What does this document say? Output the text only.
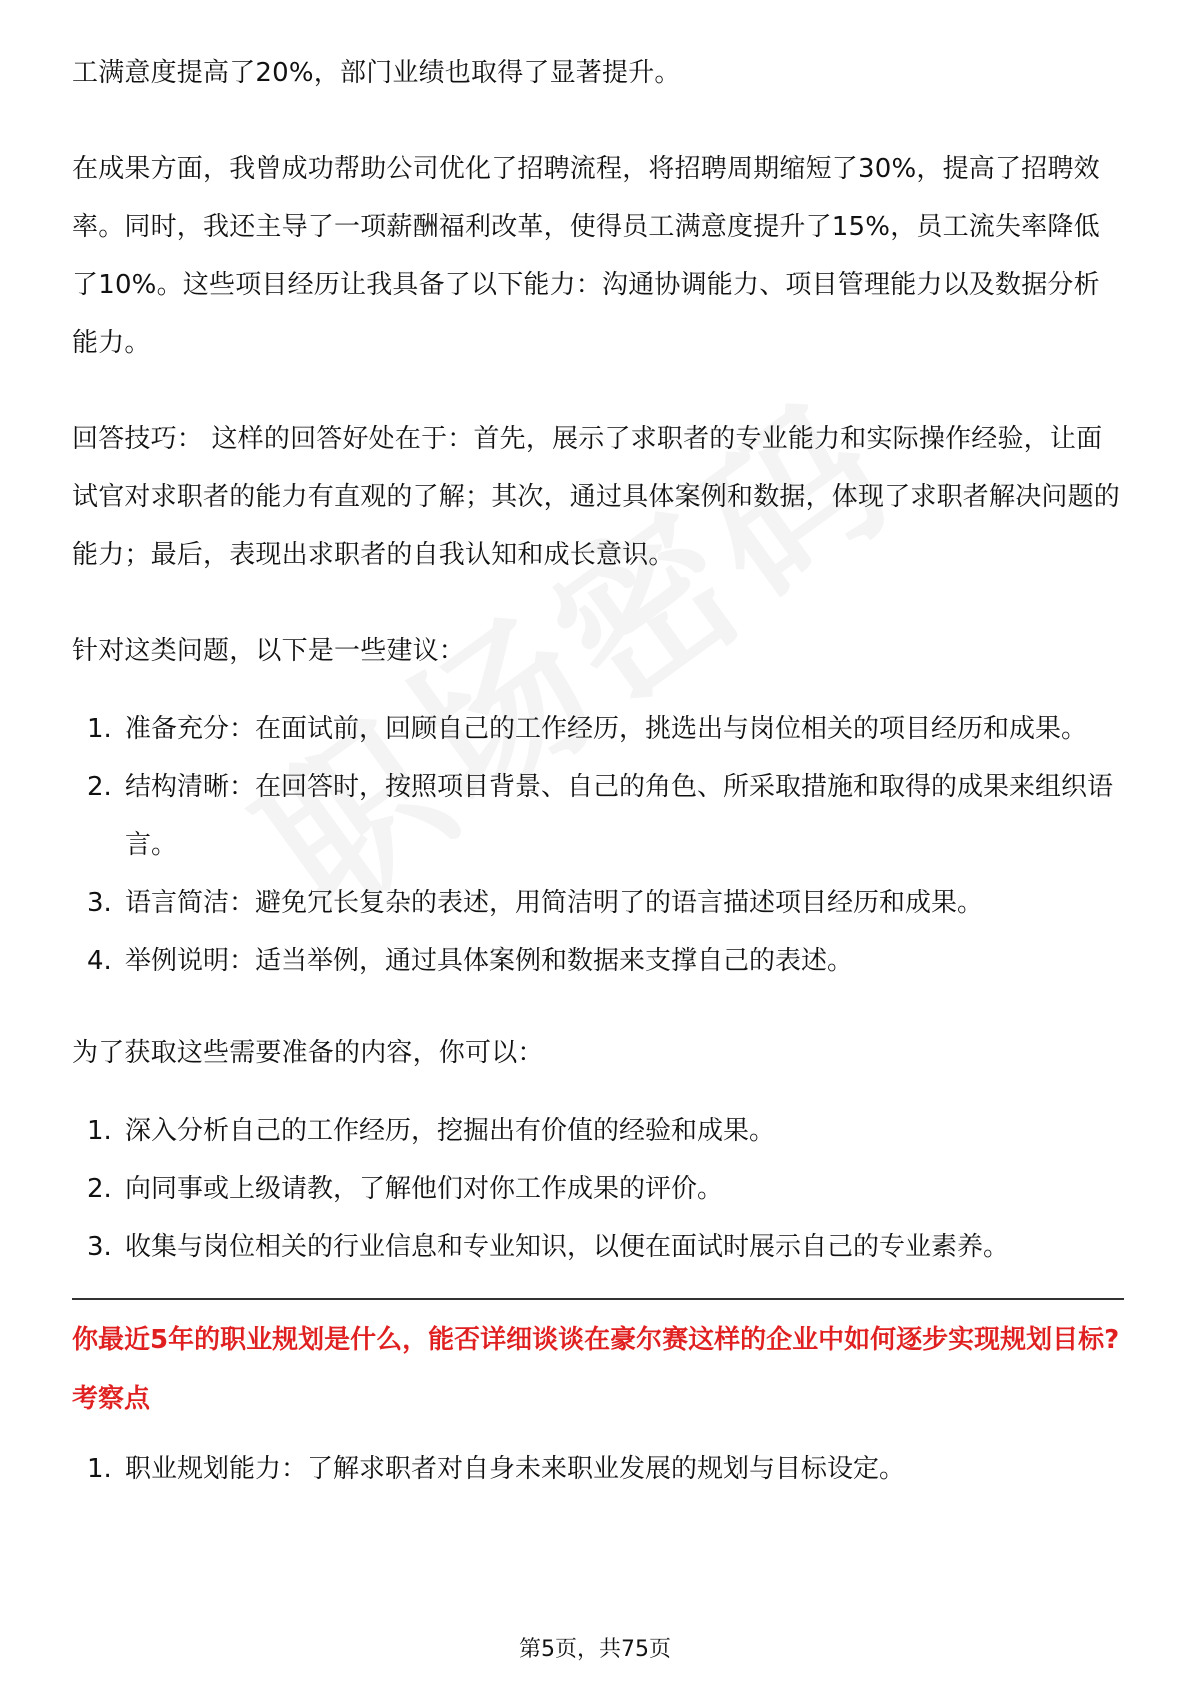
工满意度提高了20%，部门业绩也取得了显著提升。

在成果方面，我曾成功帮助公司优化了招聘流程，将招聘周期缩短了30%，提高了招聘效率。同时，我还主导了一项薪酬福利改革，使得员工满意度提升了15%，员工流失率降低了10%。这些项目经历让我具备了以下能力：沟通协调能力、项目管理能力以及数据分析能力。

回答技巧： 这样的回答好处在于：首先，展示了求职者的专业能力和实际操作经验，让面试官对求职者的能力有直观的了解；其次，通过具体案例和数据，体现了求职者解决问题的能力；最后，表现出求职者的自我认知和成长意识。

针对这类问题，以下是一些建议：

1. 准备充分：在面试前，回顾自己的工作经历，挑选出与岗位相关的项目经历和成果。
2. 结构清晰：在回答时，按照项目背景、自己的角色、所采取措施和取得的成果来组织语言。
3. 语言简洁：避免冗长复杂的表述，用简洁明了的语言描述项目经历和成果。
4. 举例说明：适当举例，通过具体案例和数据来支撑自己的表述。

为了获取这些需要准备的内容，你可以：

1. 深入分析自己的工作经历，挖掘出有价值的经验和成果。
2. 向同事或上级请教，了解他们对你工作成果的评价。
3. 收集与岗位相关的行业信息和专业知识，以便在面试时展示自己的专业素养。
你最近5年的职业规划是什么，能否详细谈谈在豪尔赛这样的企业中如何逐步实现规划目标?
考察点
1. 职业规划能力：了解求职者对自身未来职业发展的规划与目标设定。
第5页，共75页
